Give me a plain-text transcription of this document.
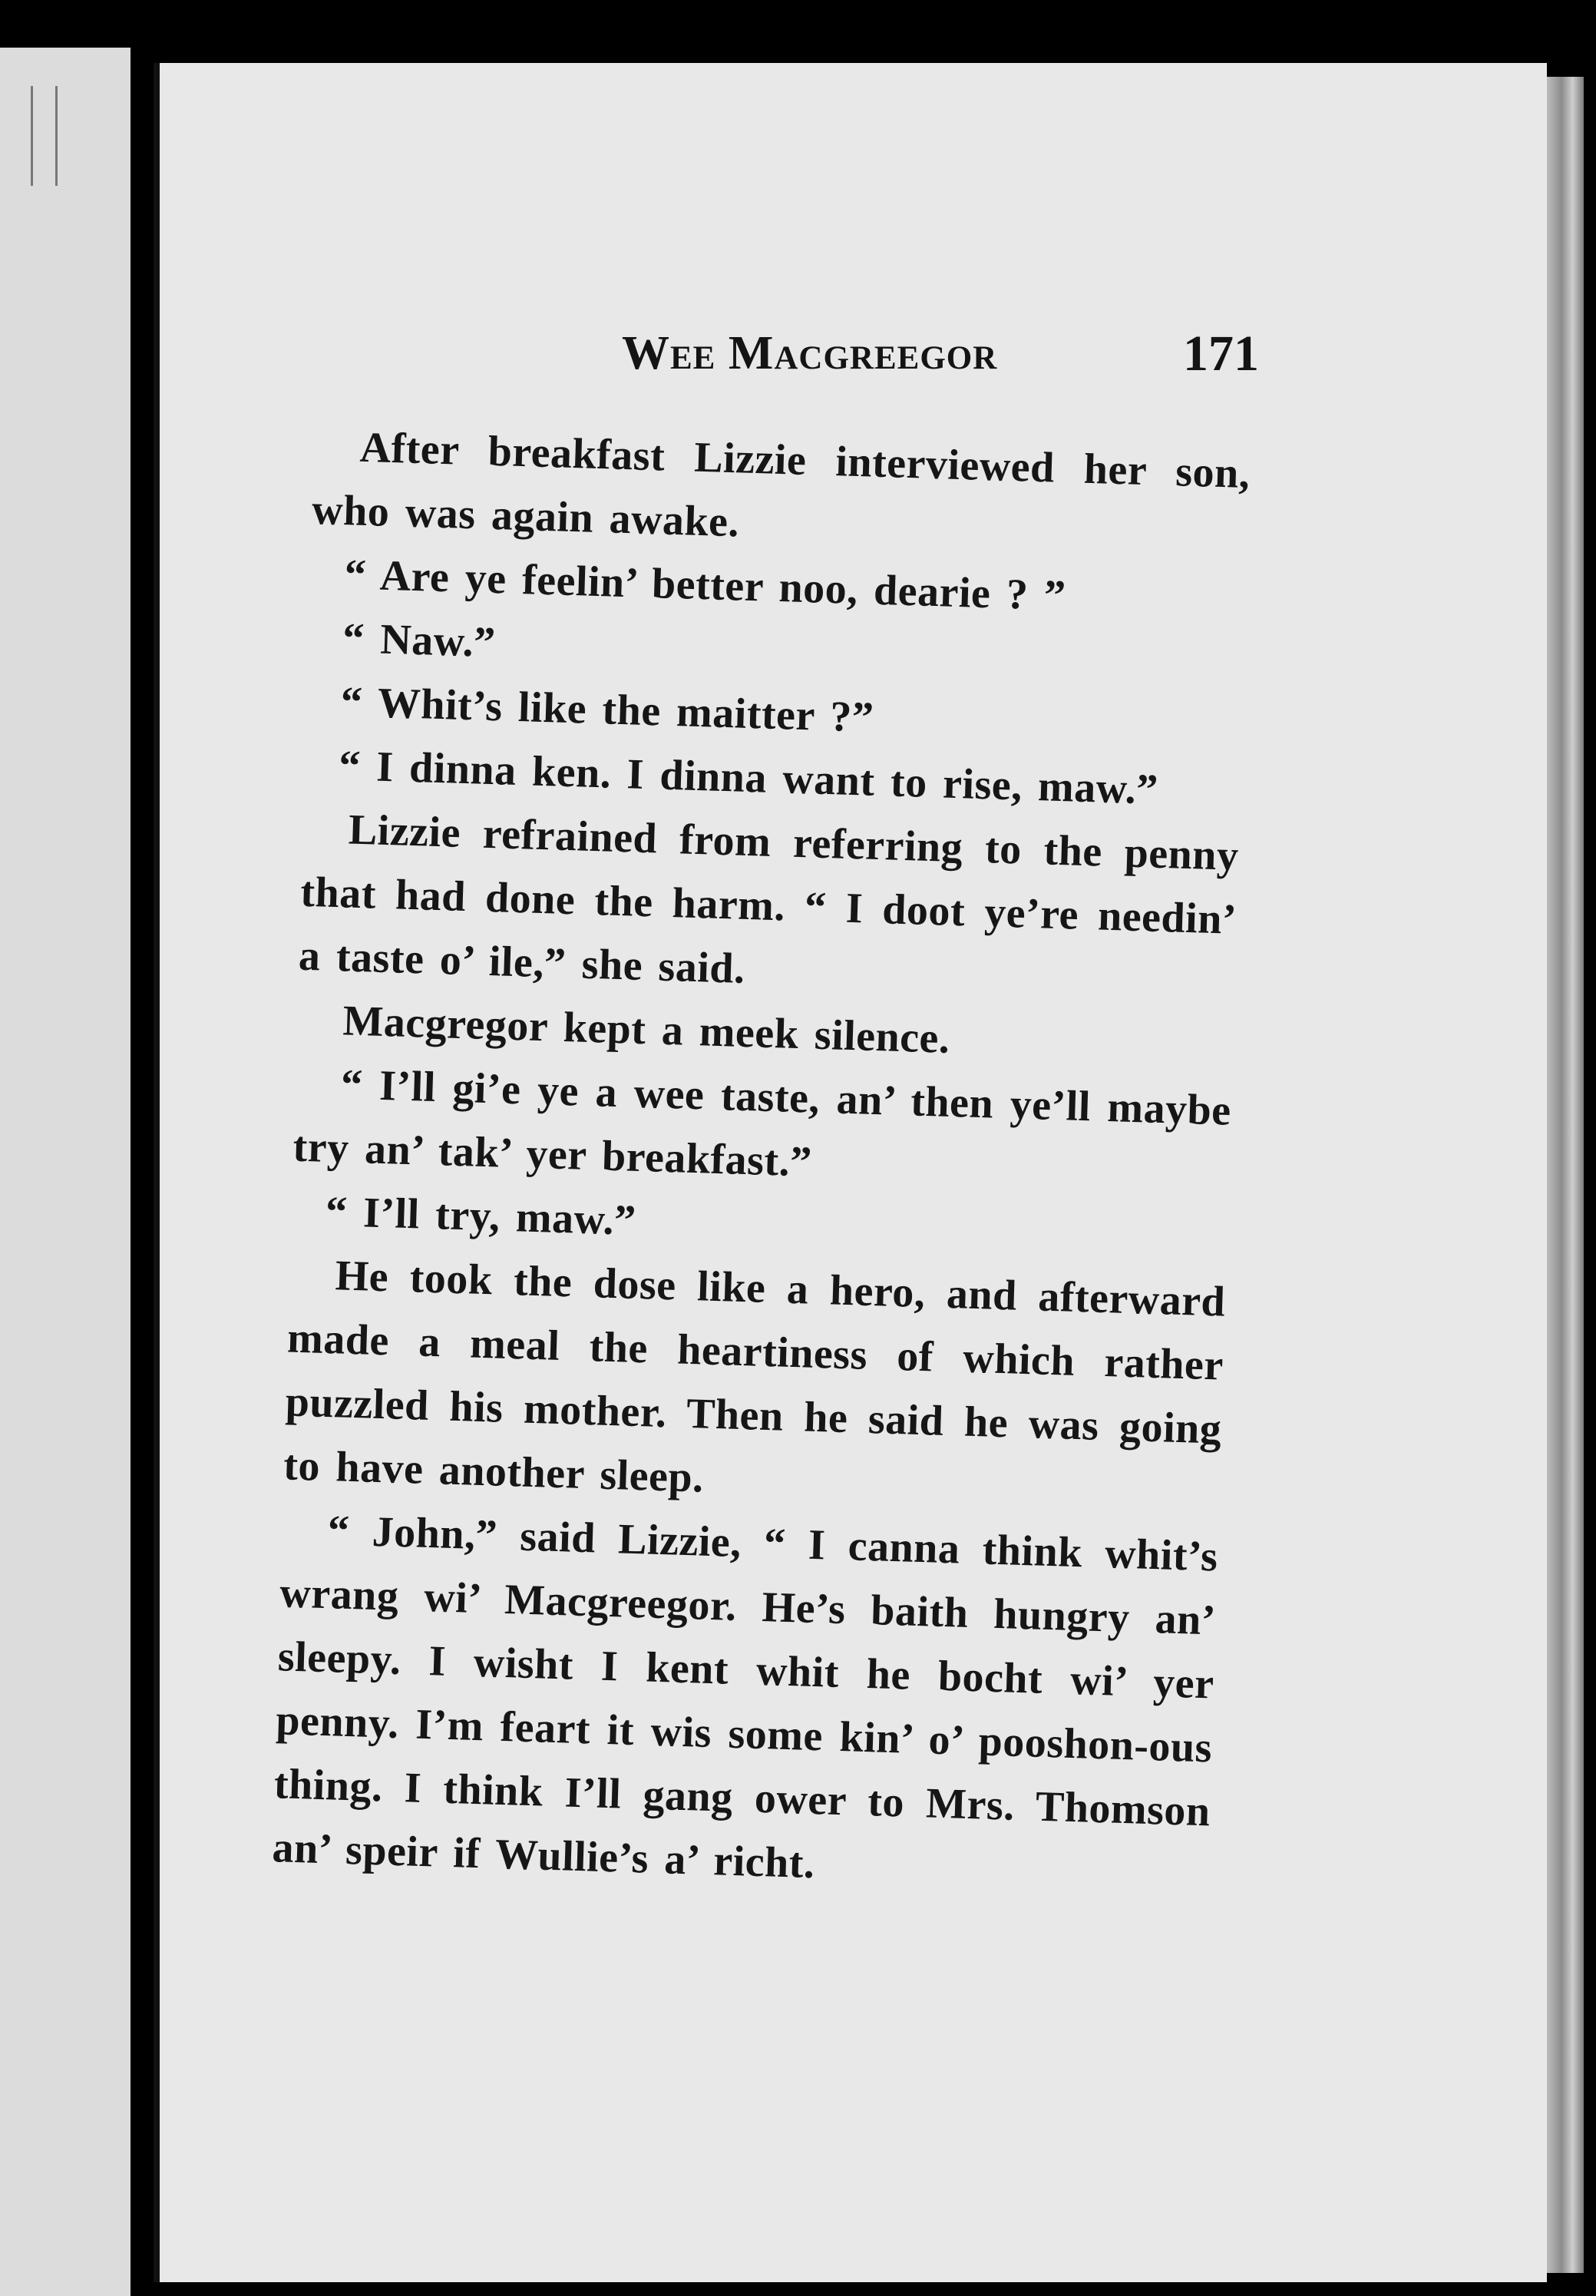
Wee Macgreegor	171

After breakfast Lizzie interviewed her son, who was again awake.

“ Are ye feelin’ better noo, dearie ? ”

“ Naw.”

“ Whit’s like the maitter ?”

“ I dinna ken. I dinna want to rise, maw.”

Lizzie refrained from referring to the penny that had done the harm. “ I doot ye’re needin’ a taste o’ ile,” she said.

Macgregor kept a meek silence.

“ I’ll gi’e ye a wee taste, an’ then ye’ll maybe try an’ tak’ yer breakfast.”

“ I’ll try, maw.”

He took the dose like a hero, and afterward made a meal the heartiness of which rather puzzled his mother. Then he said he was going to have another sleep.

“ John,” said Lizzie, “ I canna think whit’s wrang wi’ Macgreegor. He’s baith hungry an’ sleepy. I wisht I kent whit he bocht wi’ yer penny. I’m feart it wis some kin’ o’ pooshon-ous thing. I think I’ll gang ower to Mrs. Thomson an’ speir if Wullie’s a’ richt.
